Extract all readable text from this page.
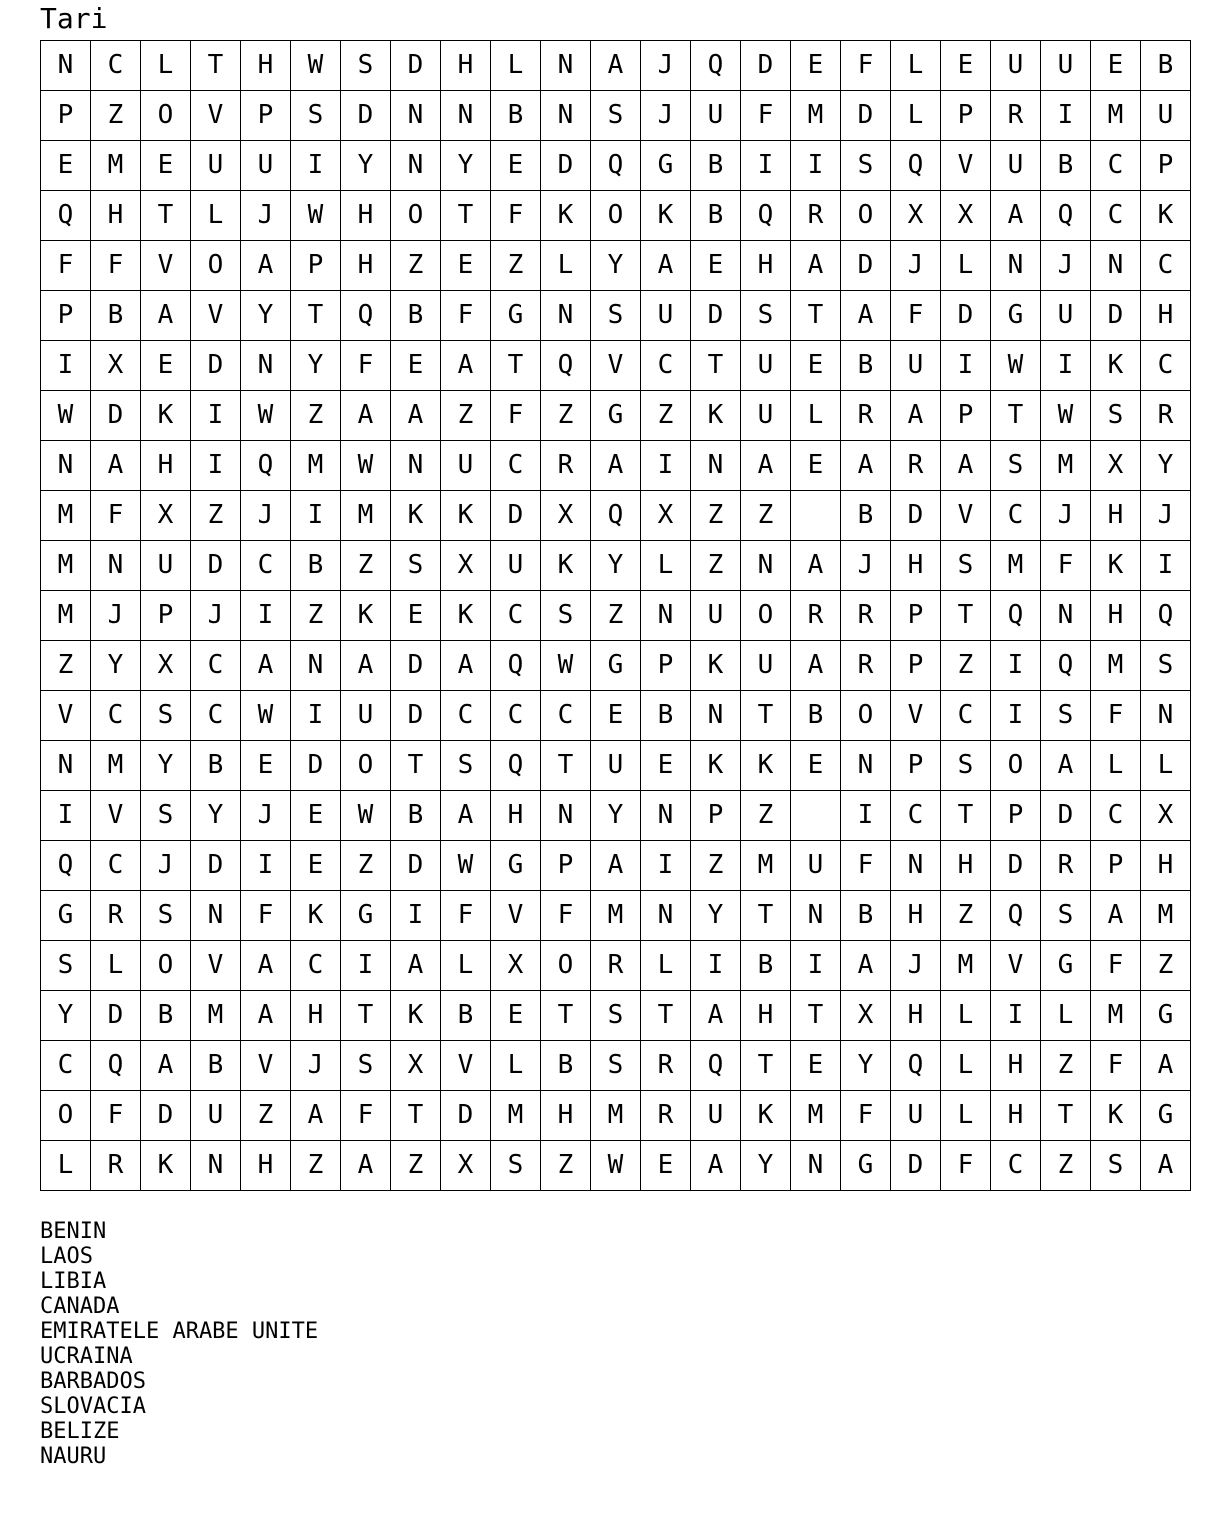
Tari
N	C	L	T	H	W	S	D	H	L	N	A	J	Q	D	E	F	L	E	U	U	E	B
P	Z	O	V	P	S	D	N	N	B	N	S	J	U	F	M	D	L	P	R	I	M	U
E	M	E	U	U	I	Y	N	Y	E	D	Q	G	B	I	I	S	Q	V	U	B	C	P
Q	H	T	L	J	W	H	O	T	F	K	O	K	B	Q	R	O	X	X	A	Q	C	K
F	F	V	O	A	P	H	Z	E	Z	L	Y	A	E	H	A	D	J	L	N	J	N	C
P	B	A	V	Y	T	Q	B	F	G	N	S	U	D	S	T	A	F	D	G	U	D	H
I	X	E	D	N	Y	F	E	A	T	Q	V	C	T	U	E	B	U	I	W	I	K	C
W	D	K	I	W	Z	A	A	Z	F	Z	G	Z	K	U	L	R	A	P	T	W	S	R
N	A	H	I	Q	M	W	N	U	C	R	A	I	N	A	E	A	R	A	S	M	X	Y
M	F	X	Z	J	I	M	K	K	D	X	Q	X	Z	Z		B	D	V	C	J	H	J
M	N	U	D	C	B	Z	S	X	U	K	Y	L	Z	N	A	J	H	S	M	F	K	I
M	J	P	J	I	Z	K	E	K	C	S	Z	N	U	O	R	R	P	T	Q	N	H	Q
Z	Y	X	C	A	N	A	D	A	Q	W	G	P	K	U	A	R	P	Z	I	Q	M	S
V	C	S	C	W	I	U	D	C	C	C	E	B	N	T	B	O	V	C	I	S	F	N
N	M	Y	B	E	D	O	T	S	Q	T	U	E	K	K	E	N	P	S	O	A	L	L
I	V	S	Y	J	E	W	B	A	H	N	Y	N	P	Z		I	C	T	P	D	C	X
Q	C	J	D	I	E	Z	D	W	G	P	A	I	Z	M	U	F	N	H	D	R	P	H
G	R	S	N	F	K	G	I	F	V	F	M	N	Y	T	N	B	H	Z	Q	S	A	M
S	L	O	V	A	C	I	A	L	X	O	R	L	I	B	I	A	J	M	V	G	F	Z
Y	D	B	M	A	H	T	K	B	E	T	S	T	A	H	T	X	H	L	I	L	M	G
C	Q	A	B	V	J	S	X	V	L	B	S	R	Q	T	E	Y	Q	L	H	Z	F	A
O	F	D	U	Z	A	F	T	D	M	H	M	R	U	K	M	F	U	L	H	T	K	G
L	R	K	N	H	Z	A	Z	X	S	Z	W	E	A	Y	N	G	D	F	C	Z	S	A
BENIN
LAOS
LIBIA
CANADA
EMIRATELE ARABE UNITE
UCRAINA
BARBADOS
SLOVACIA
BELIZE
NAURU
